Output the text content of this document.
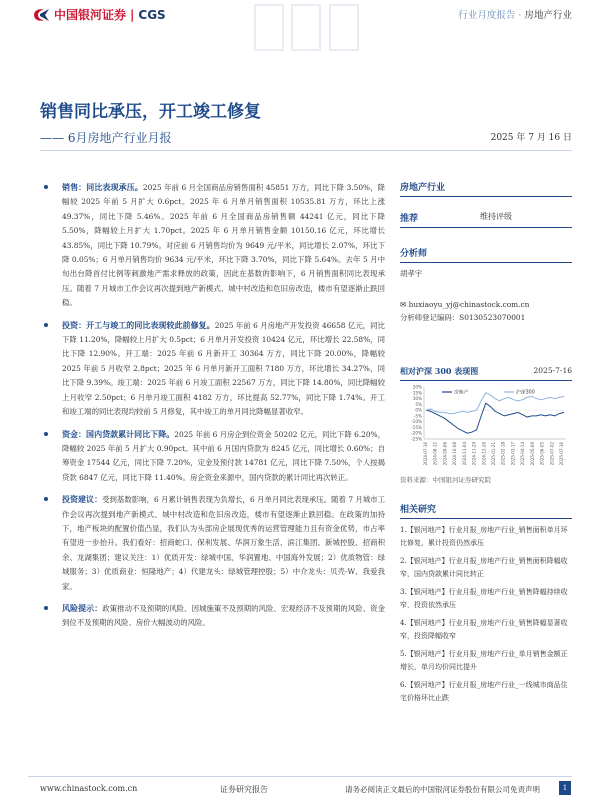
中国银河证券 | CGS	行业月度报告 · 房地产行业
销售同比承压，开工竣工修复
—— 6月房地产行业月报	2025 年 7 月 16 日
销售：同比表现承压。2025 年前 6 月全国商品房销售面积 45851 万方，同比下降 3.50%，降幅较 2025 年前 5 月扩大 0.6pct。2025 年 6 月单月销售面积 10535.81 万方，环比上涨 49.37%，同比下降 5.46%。2025 年前 6 月全国商品房销售额 44241 亿元，同比下降 5.50%，降幅较上月扩大 1.70pct。2025 年 6 月单月销售金额 10150.16 亿元，环比增长 43.85%，同比下降 10.79%。对应前 6 月销售均价为 9649 元/平米，同比增长 2.07%，环比下降 0.05%；6 月单月销售均价 9634 元/平米，环比下降 3.70%，同比下降 5.64%。去年 5 月中旬出台降首付比例等刺激地产需求释放的政策，因此在基数的影响下，6 月销售面积同比表现承压。随着 7 月城市工作会议再次提到地产新模式、城中村改造和危旧房改造，楼市有望逐渐止跌回稳。
投资：开工与竣工的同比表现较此前修复。2025 年前 6 月房地产开发投资 46658 亿元，同比下降 11.20%，降幅较上月扩大 0.5pct；6 月单月开发投资 10424 亿元，环比增长 22.58%，同比下降 12.90%。开工端：2025 年前 6 月新开工 30364 万方，同比下降 20.00%，降幅较 2025 年前 5 月收窄 2.8pct；2025 年 6 月单月新开工面积 7180 万方，环比增长 34.27%，同比下降 9.39%。竣工端：2025 年前 6 月竣工面积 22567 万方，同比下降 14.80%，同比降幅较上月收窄 2.50pct；6 月单月竣工面积 4182 万方，环比提高 52.77%，同比下降 1.74%。开工和竣工端的同比表现均较前 5 月修复，其中竣工的单月同比降幅显著收窄。
资金：国内贷款累计同比下降。2025 年前 6 月房企到位资金 50202 亿元，同比下降 6.20%，降幅较 2025 年前 5 月扩大 0.90pct。其中前 6 月国内贷款为 8245 亿元，同比增长 0.60%；自筹资金 17544 亿元，同比下降 7.20%，定金及预付款 14781 亿元，同比下降 7.50%，个人按揭贷款 6847 亿元，同比下降 11.40%。房企资金来源中，国内贷款的累计同比再次转正。
投资建议：受到基数影响，6 月累计销售表现为负增长，6 月单月同比表现承压。随着 7 月城市工作会议再次提到地产新模式、城中村改造和危旧房改造，楼市有望逐渐止跌回稳。在政策的加持下，地产板块的配置价值凸显，我们认为头部房企展现优秀的运营管理能力且有资金优势，市占率有望进一步抬升。我们看好：招商蛇口、保利发展、华润万象生活、滨江集团、新城控股、招商积余、龙湖集团；建议关注：1）优质开发：绿城中国、华润置地、中国海外发展；2）优质物管：绿城服务；3）优质商业：恒隆地产；4）代建龙头：绿城管理控股；5）中介龙头：贝壳-W、我爱我家。
风险提示：政策推动不及预期的风险、因城施策不及预期的风险、宏观经济不及预期的风险、资金到位不及预期的风险、房价大幅波动的风险。
房地产行业
推荐	维持评级
分析师
胡孝宇
✉ huxiaoyu_yj@chinastock.com.cn
分析师登记编码：S0130523070001
相对沪深 300 表现图	2025-7-16
20%
15%
10%
5%
0%
-5%
-10%
-15%
-20%
-25%
2024-07-16 2024-08-12 2024-09-06 2024-10-08 2024-11-04 2024-11-29 2024-12-26 2025-01-21 2025-02-18 2025-03-17 2025-04-14 2025-05-09 2025-06-05 2025-07-02 2025-07-16
房地产	沪深300
资料来源：中国银河证券研究院
相关研究
1.【银河地产】行业月报_房地产行业_销售面积单月环比修复，累计投资仍然承压
2.【银河地产】行业月报_房地产行业_销售面积降幅收窄，国内贷款累计同比转正
3.【银河地产】行业月报_房地产行业_销售降幅持续收窄，投资依然承压
4.【银河地产】行业月报_房地产行业_销售降幅显著收窄，投资降幅收窄
5.【银河地产】行业月报_房地产行业_单月销售金额正增长，单月均价同比提升
6.【银河地产】行业月报_房地产行业_一线城市商品住宅价格环比止跌
www.chinastock.com.cn	证券研究报告	请务必阅读正文最后的中国银河证券股份有限公司免责声明	1
